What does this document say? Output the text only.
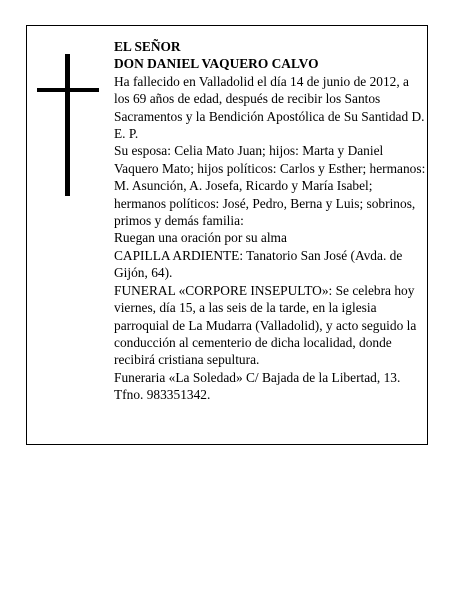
EL SEÑOR

DON DANIEL VAQUERO CALVO

Ha fallecido en Valladolid el día 14 de junio de 2012, a los 69 años de edad, después de recibir los Santos Sacramentos y la Bendición Apostólica de Su Santidad D. E. P.

Su esposa: Celia Mato Juan; hijos: Marta y Daniel Vaquero Mato; hijos políticos: Carlos y Esther; hermanos: M. Asunción, A. Josefa, Ricardo y María Isabel; hermanos políticos: José, Pedro, Berna y Luis; sobrinos, primos y demás familia:

Ruegan una oración por su alma

CAPILLA ARDIENTE: Tanatorio San José (Avda. de Gijón, 64).

FUNERAL «CORPORE INSEPULTO»: Se celebra hoy viernes, día 15, a las seis de la tarde, en la iglesia parroquial de La Mudarra (Valladolid), y acto seguido la conducción al cementerio de dicha localidad, donde recibirá cristiana sepultura.

Funeraria «La Soledad» C/ Bajada de la Libertad, 13. Tfno. 983351342.
